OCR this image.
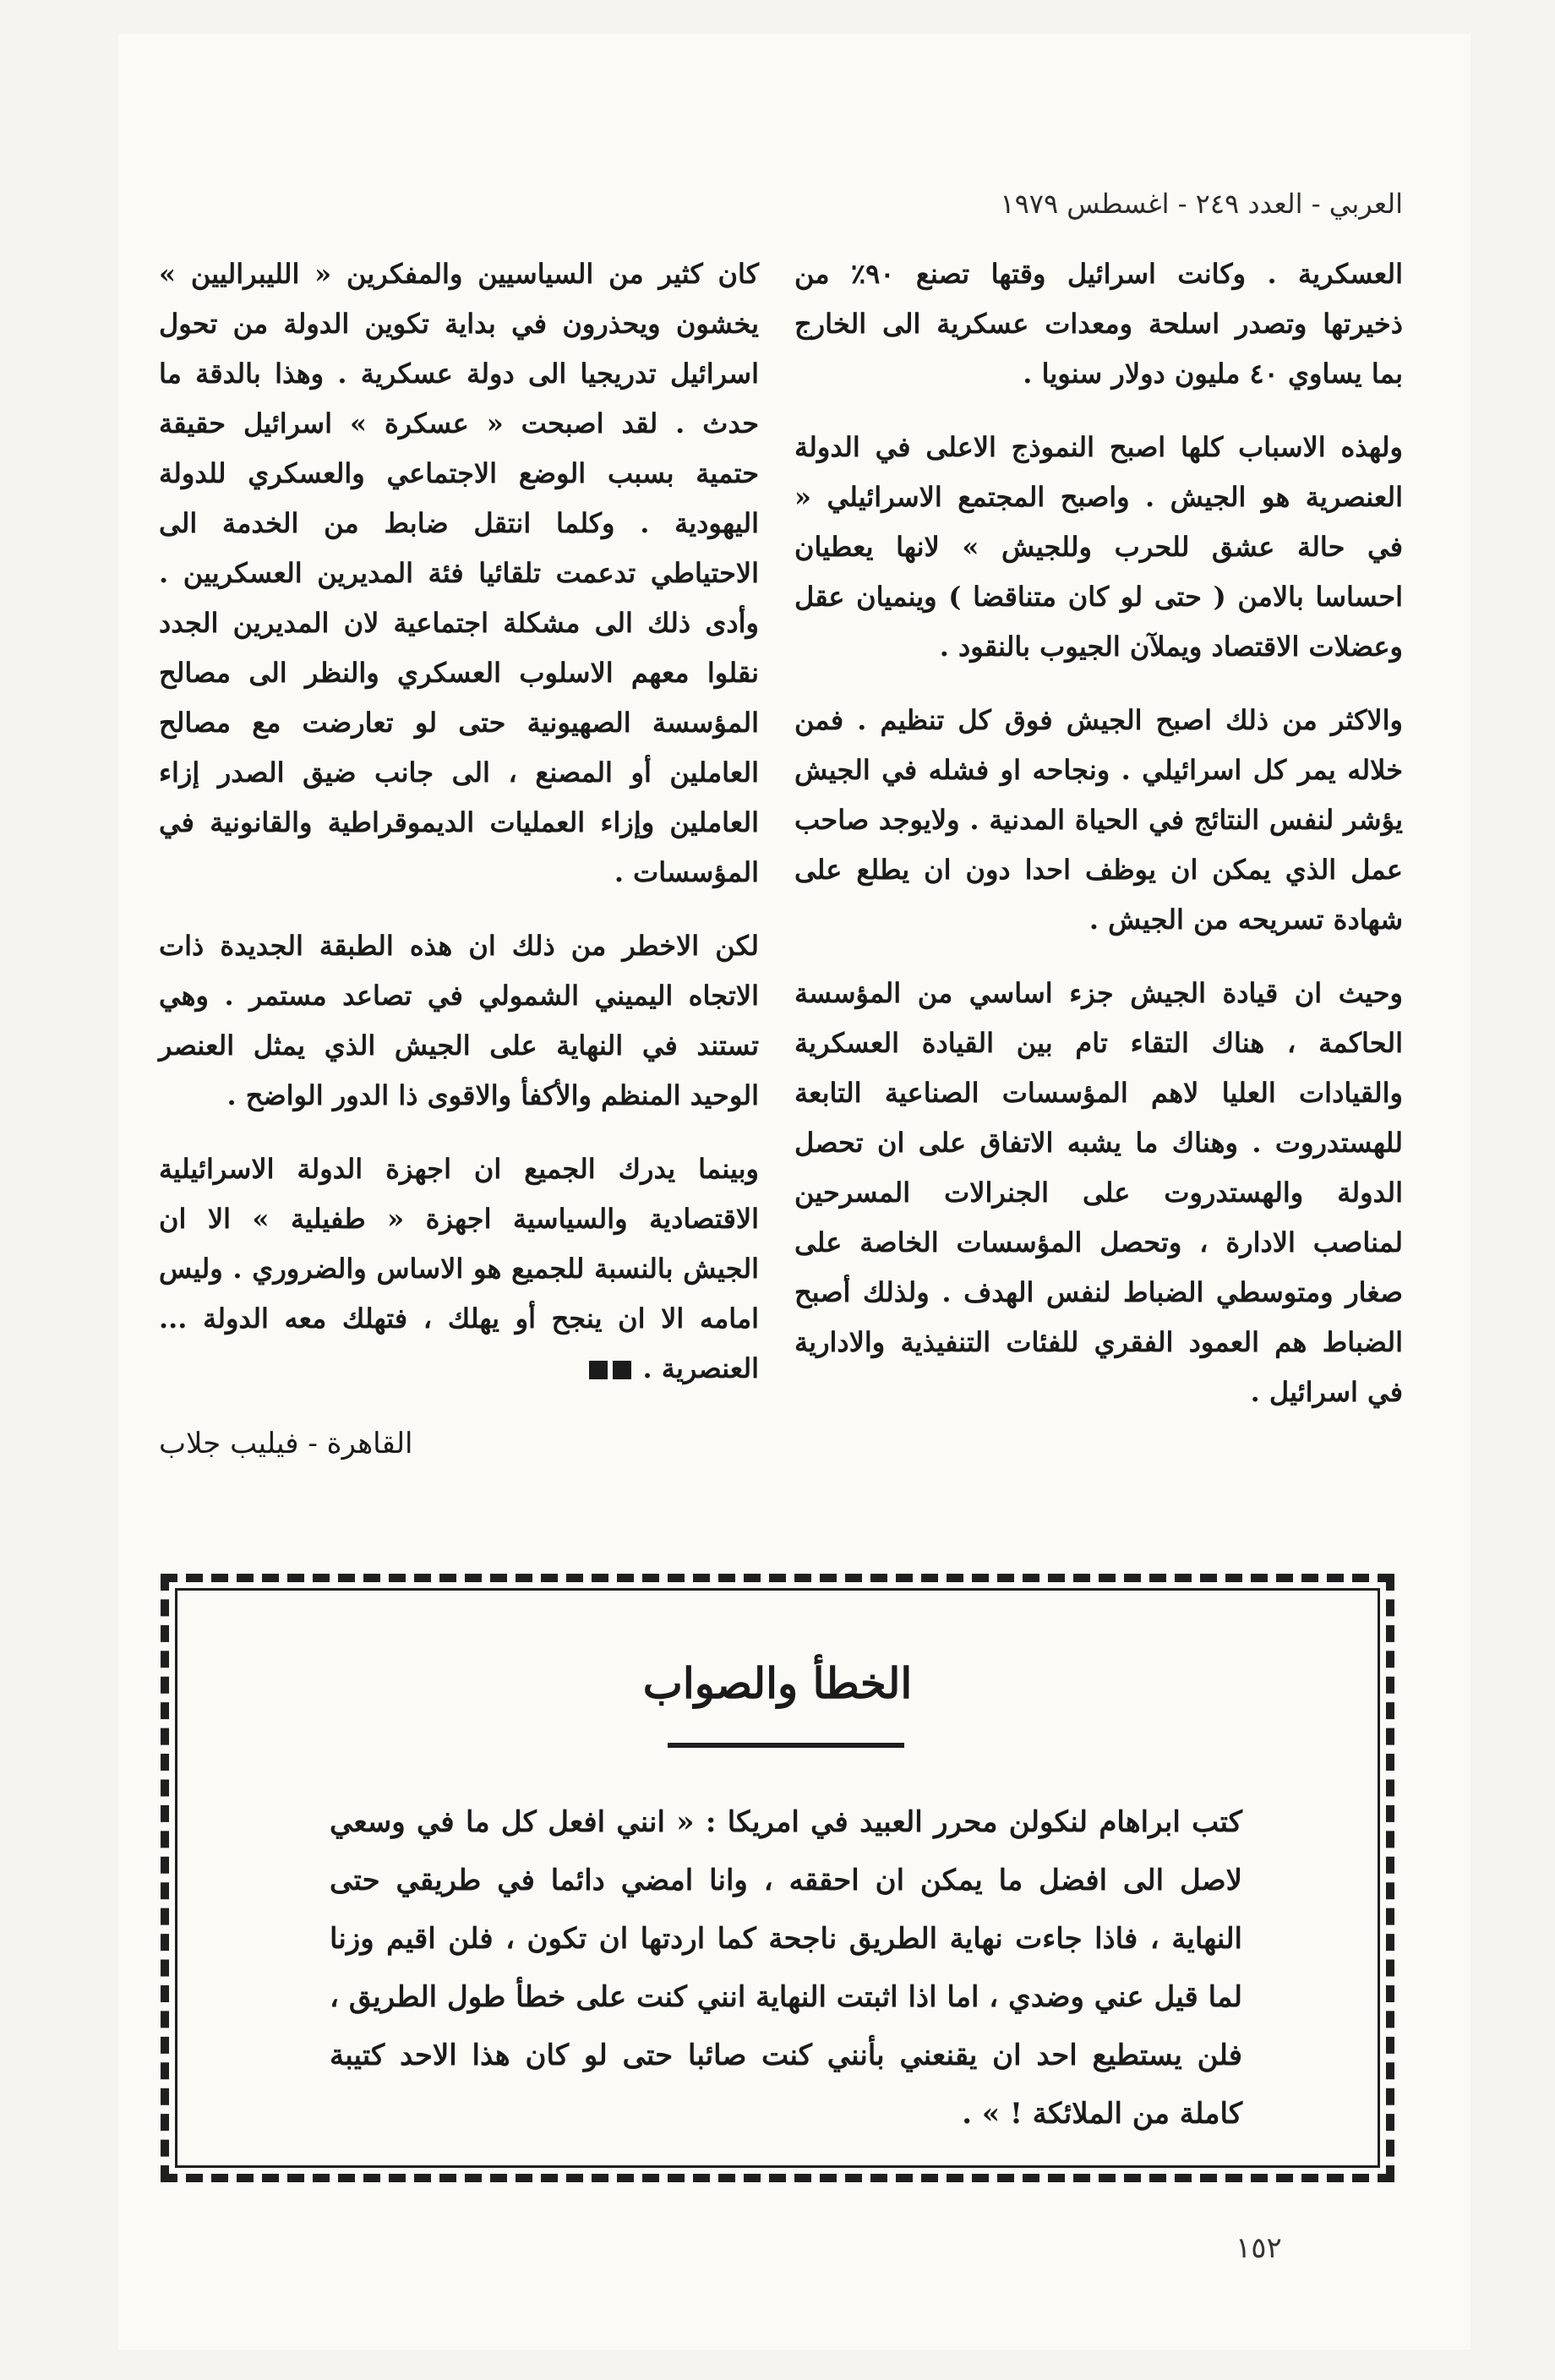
العربي - العدد ٢٤٩ - اغسطس ١٩٧٩

العسكرية . وكانت اسرائيل وقتها تصنع ٩٠٪ من ذخيرتها وتصدر اسلحة ومعدات عسكرية الى الخارج بما يساوي ٤٠ مليون دولار سنويا .

ولهذه الاسباب كلها اصبح النموذج الاعلى في الدولة العنصرية هو الجيش . واصبح المجتمع الاسرائيلي « في حالة عشق للحرب وللجيش » لانها يعطيان احساسا بالامن ( حتى لو كان متناقضا ) وينميان عقل وعضلات الاقتصاد ويملآن الجيوب بالنقود .

والاكثر من ذلك اصبح الجيش فوق كل تنظيم . فمن خلاله يمر كل اسرائيلي . ونجاحه او فشله في الجيش يؤشر لنفس النتائج في الحياة المدنية . ولايوجد صاحب عمل الذي يمكن ان يوظف احدا دون ان يطلع على شهادة تسريحه من الجيش .

وحيث ان قيادة الجيش جزء اساسي من المؤسسة الحاكمة ، هناك التقاء تام بين القيادة العسكرية والقيادات العليا لاهم المؤسسات الصناعية التابعة للهستدروت . وهناك ما يشبه الاتفاق على ان تحصل الدولة والهستدروت على الجنرالات المسرحين لمناصب الادارة ، وتحصل المؤسسات الخاصة على صغار ومتوسطي الضباط لنفس الهدف . ولذلك أصبح الضباط هم العمود الفقري للفئات التنفيذية والادارية في اسرائيل .

كان كثير من السياسيين والمفكرين « الليبراليين » يخشون ويحذرون في بداية تكوين الدولة من تحول اسرائيل تدريجيا الى دولة عسكرية . وهذا بالدقة ما حدث . لقد اصبحت « عسكرة » اسرائيل حقيقة حتمية بسبب الوضع الاجتماعي والعسكري للدولة اليهودية . وكلما انتقل ضابط من الخدمة الى الاحتياطي تدعمت تلقائيا فئة المديرين العسكريين . وأدى ذلك الى مشكلة اجتماعية لان المديرين الجدد نقلوا معهم الاسلوب العسكري والنظر الى مصالح المؤسسة الصهيونية حتى لو تعارضت مع مصالح العاملين أو المصنع ، الى جانب ضيق الصدر إزاء العاملين وإزاء العمليات الديموقراطية والقانونية في المؤسسات .

لكن الاخطر من ذلك ان هذه الطبقة الجديدة ذات الاتجاه اليميني الشمولي في تصاعد مستمر . وهي تستند في النهاية على الجيش الذي يمثل العنصر الوحيد المنظم والأكفأ والاقوى ذا الدور الواضح .

وبينما يدرك الجميع ان اجهزة الدولة الاسرائيلية الاقتصادية والسياسية اجهزة « طفيلية » الا ان الجيش بالنسبة للجميع هو الاساس والضروري . وليس امامه الا ان ينجح أو يهلك ، فتهلك معه الدولة ... العنصرية .

القاهرة - فيليب جلاب
الخطأ والصواب
كتب ابراهام لنكولن محرر العبيد في امريكا : « انني افعل كل ما في وسعي لاصل الى افضل ما يمكن ان احققه ، وانا امضي دائما في طريقي حتى النهاية ، فاذا جاءت نهاية الطريق ناجحة كما اردتها ان تكون ، فلن اقيم وزنا لما قيل عني وضدي ، اما اذا اثبتت النهاية انني كنت على خطأ طول الطريق ، فلن يستطيع احد ان يقنعني بأنني كنت صائبا حتى لو كان هذا الاحد كتيبة كاملة من الملائكة ! » .
١٥٢
